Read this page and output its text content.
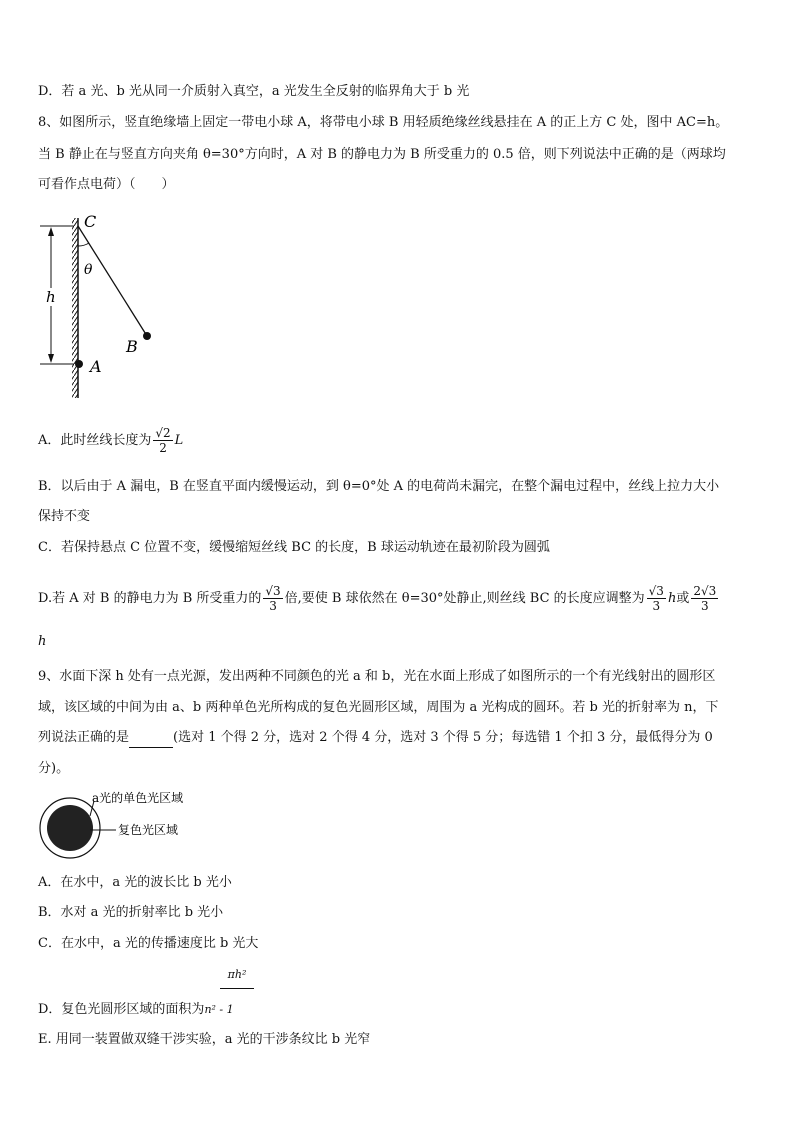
D．若 a 光、b 光从同一介质射入真空，a 光发生全反射的临界角大于 b 光
8、如图所示，竖直绝缘墙上固定一带电小球 A，将带电小球 B 用轻质绝缘丝线悬挂在 A 的正上方 C 处，图中 AC=h。
当 B 静止在与竖直方向夹角 θ=30°方向时，A 对 B 的静电力为 B 所受重力的 0.5 倍，则下列说法中正确的是（两球均
可看作点电荷）（　　）
h
C
θ
B
A
A．此时丝线长度为 $\frac{√2}{2}$ L
B．以后由于 A 漏电，B 在竖直平面内缓慢运动，到 θ=0°处 A 的电荷尚未漏完，在整个漏电过程中，丝线上拉力大小
保持不变
C．若保持悬点 C 位置不变，缓慢缩短丝线 BC 的长度，B 球运动轨迹在最初阶段为圆弧
D.若 A 对 B 的静电力为 B 所受重力的 $\frac{√3}{3}$ 倍,要使 B 球依然在 θ=30°处静止,则丝线 BC 的长度应调整为 $\frac{√3}{3}$ h或 $\frac{2√3}{3}$
h
9、水面下深 h 处有一点光源，发出两种不同颜色的光 a 和 b，光在水面上形成了如图所示的一个有光线射出的圆形区
域，该区域的中间为由 a、b 两种单色光所构成的复色光圆形区域，周围为 a 光构成的圆环。若 b 光的折射率为 n，下
列说法正确的是	(选对 1 个得 2 分，选对 2 个得 4 分，选对 3 个得 5 分；每选错 1 个扣 3 分，最低得分为 0
分)。
a光的单色光区域
复色光区域
A．在水中，a 光的波长比 b 光小
B．水对 a 光的折射率比 b 光小
C．在水中，a 光的传播速度比 b 光大
πh²
D．复色光圆形区域的面积为n² - 1
E. 用同一装置做双缝干涉实验，a 光的干涉条纹比 b 光窄
